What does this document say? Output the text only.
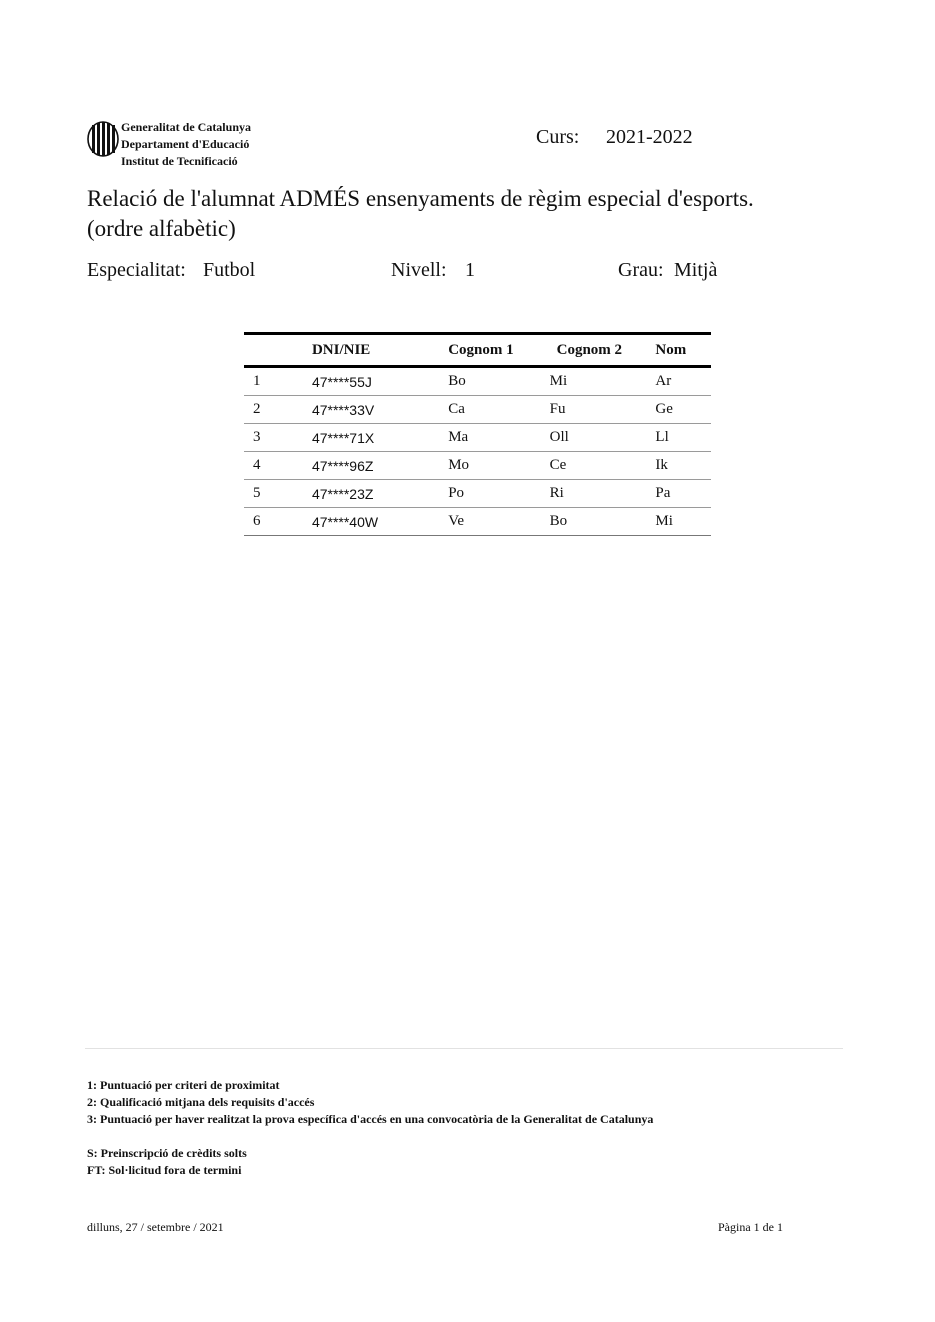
Generalitat de Catalunya
Departament d'Educació
Institut de Tecnificació
Curs: 2021-2022
Relació de l'alumnat ADMÉS ensenyaments de règim especial d'esports.
(ordre alfabètic)
Especialitat: Futbol	Nivell: 1	Grau: Mitjà
	DNI/NIE	Cognom 1	Cognom 2	Nom
1	47****55J	Bo	Mi	Ar
2	47****33V	Ca	Fu	Ge
3	47****71X	Ma	Oll	Ll
4	47****96Z	Mo	Ce	Ik
5	47****23Z	Po	Ri	Pa
6	47****40W	Ve	Bo	Mi
1: Puntuació per criteri de proximitat
2: Qualificació mitjana dels requisits d'accés
3: Puntuació per haver realitzat la prova específica d'accés en una convocatòria de la Generalitat de Catalunya
S: Preinscripció de crèdits solts
FT: Sol·licitud fora de termini
dilluns, 27 / setembre / 2021	Pàgina 1 de 1
